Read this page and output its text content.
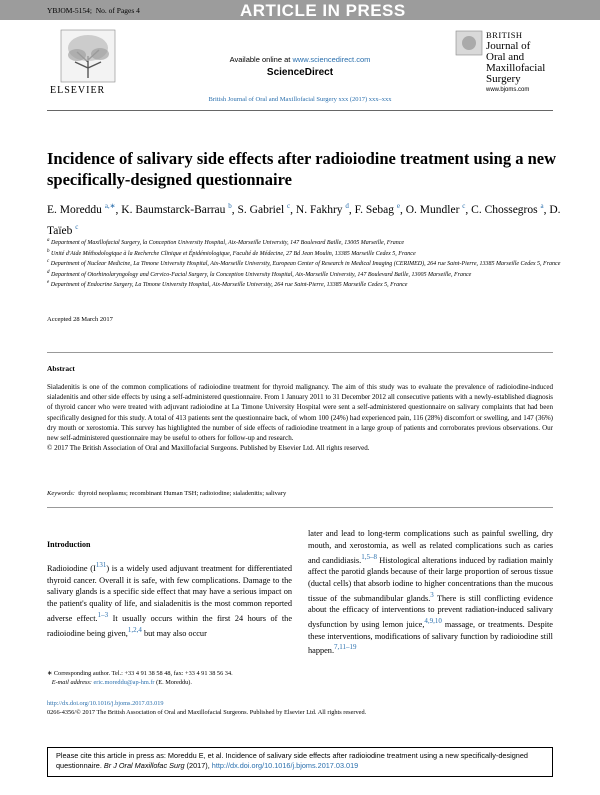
YBJOM-5154; No. of Pages 4	ARTICLE IN PRESS
ELSEVIER
Available online at www.sciencedirect.com
ScienceDirect
British Journal of Oral and Maxillofacial Surgery xxx (2017) xxx–xxx
BRITISH
Journal of
Oral and
Maxillofacial
Surgery
www.bjoms.com
Incidence of salivary side effects after radioiodine treatment using a new specifically-designed questionnaire
E. Moreddu $^{a,∗}$, K. Baumstarck-Barrau $^b$, S. Gabriel $^c$, N. Fakhry $^d$, F. Sebag $^e$, O. Mundler $^c$, C. Chossegros $^a$, D. Taïeb $^c$

$^a$ Department of Maxillofacial Surgery, la Conception University Hospital, Aix-Marseille University, 147 Boulevard Baille, 13005 Marseille, France

$^b$ Unité d'Aide Méthodologique à la Recherche Clinique et Épidémiologique, Faculté de Médecine, 27 Bd Jean Moulin, 13385 Marseille Cedex 5, France

$^c$ Department of Nuclear Medicine, La Timone University Hospital, Aix-Marseille University, European Center of Research in Medical Imaging (CERIMED), 264 rue Saint-Pierre, 13385 Marseille Cedex 5, France

$^d$ Department of Otorhinolaryngology and Cervico-Facial Surgery, la Conception University Hospital, Aix-Marseille University, 147 Boulevard Baille, 13005 Marseille, France

$^e$ Department of Endocrine Surgery, La Timone University Hospital, Aix-Marseille University, 264 rue Saint-Pierre, 13385 Marseille Cedex 5, France

Accepted 28 March 2017
Abstract
Sialadenitis is one of the common complications of radioiodine treatment for thyroid malignancy. The aim of this study was to evaluate the prevalence of radioiodine-induced sialadenitis and other side effects by using a self-administered questionnaire. From 1 January 2011 to 31 December 2012 all consecutive patients with a newly-established diagnosis of thyroid cancer who were treated with adjuvant radioiodine at La Timone University Hospital were sent a self-administered questionnaire on salivary complaints that had been specifically designed for this study. A total of 413 patients sent the questionnaire back, of whom 100 (24%) had experienced pain, 116 (28%) discomfort or swelling, and 147 (36%) dry mouth or xerostomia. This survey has highlighted the number of side effects of radioiodine treatment in a large group of patients and corroborates previous observations. Our new self-administered questionnaire may be useful to others for follow-up and research.
© 2017 The British Association of Oral and Maxillofacial Surgeons. Published by Elsevier Ltd. All rights reserved.
Keywords: thyroid neoplasms; recombinant Human TSH; radioiodine; sialadenitis; salivary
Introduction

Radioiodine $(I^{131})$ is a widely used adjuvant treatment for differentiated thyroid cancer. Overall it is safe, with few complications. Damage to the salivary glands is a specific side effect that may have a serious impact on the patient's quality of life, and sialadenitis is the most common reported adverse effect.$^{1-3}$ It usually occurs within the first 24 hours of the radioiodine being given,$^{1,2,4}$ but may also occur

later and lead to long-term complications such as painful swelling, dry mouth, and xerostomia, as well as related complications such as caries and candidiasis.$^{1,5-8}$ Histological alterations induced by radiation mainly affect the parotid glands because of their large proportion of serous tissue (ductal cells) that absorb iodine to higher concentrations than the mucous tissue of the submandibular glands.$^3$ There is still conflicting evidence about the efficacy of interventions to prevent radiation-induced salivary dysfunction by using lemon juice,$^{4,9,10}$ massage, or treatments. Despite these interventions, modifications of salivary function by radioiodine still happen.$^{7,11-19}$

∗ Corresponding author. Tel.: +33 4 91 38 58 48, fax: +33 4 91 38 56 34.
E-mail address: eric.moreddu@ap-hm.fr (E. Moreddu).
http://dx.doi.org/10.1016/j.bjoms.2017.03.019
0266-4356/© 2017 The British Association of Oral and Maxillofacial Surgeons. Published by Elsevier Ltd. All rights reserved.
Please cite this article in press as: Moreddu E, et al. Incidence of salivary side effects after radioiodine treatment using a new specifically-designed questionnaire. Br J Oral Maxillofac Surg (2017), http://dx.doi.org/10.1016/j.bjoms.2017.03.019
